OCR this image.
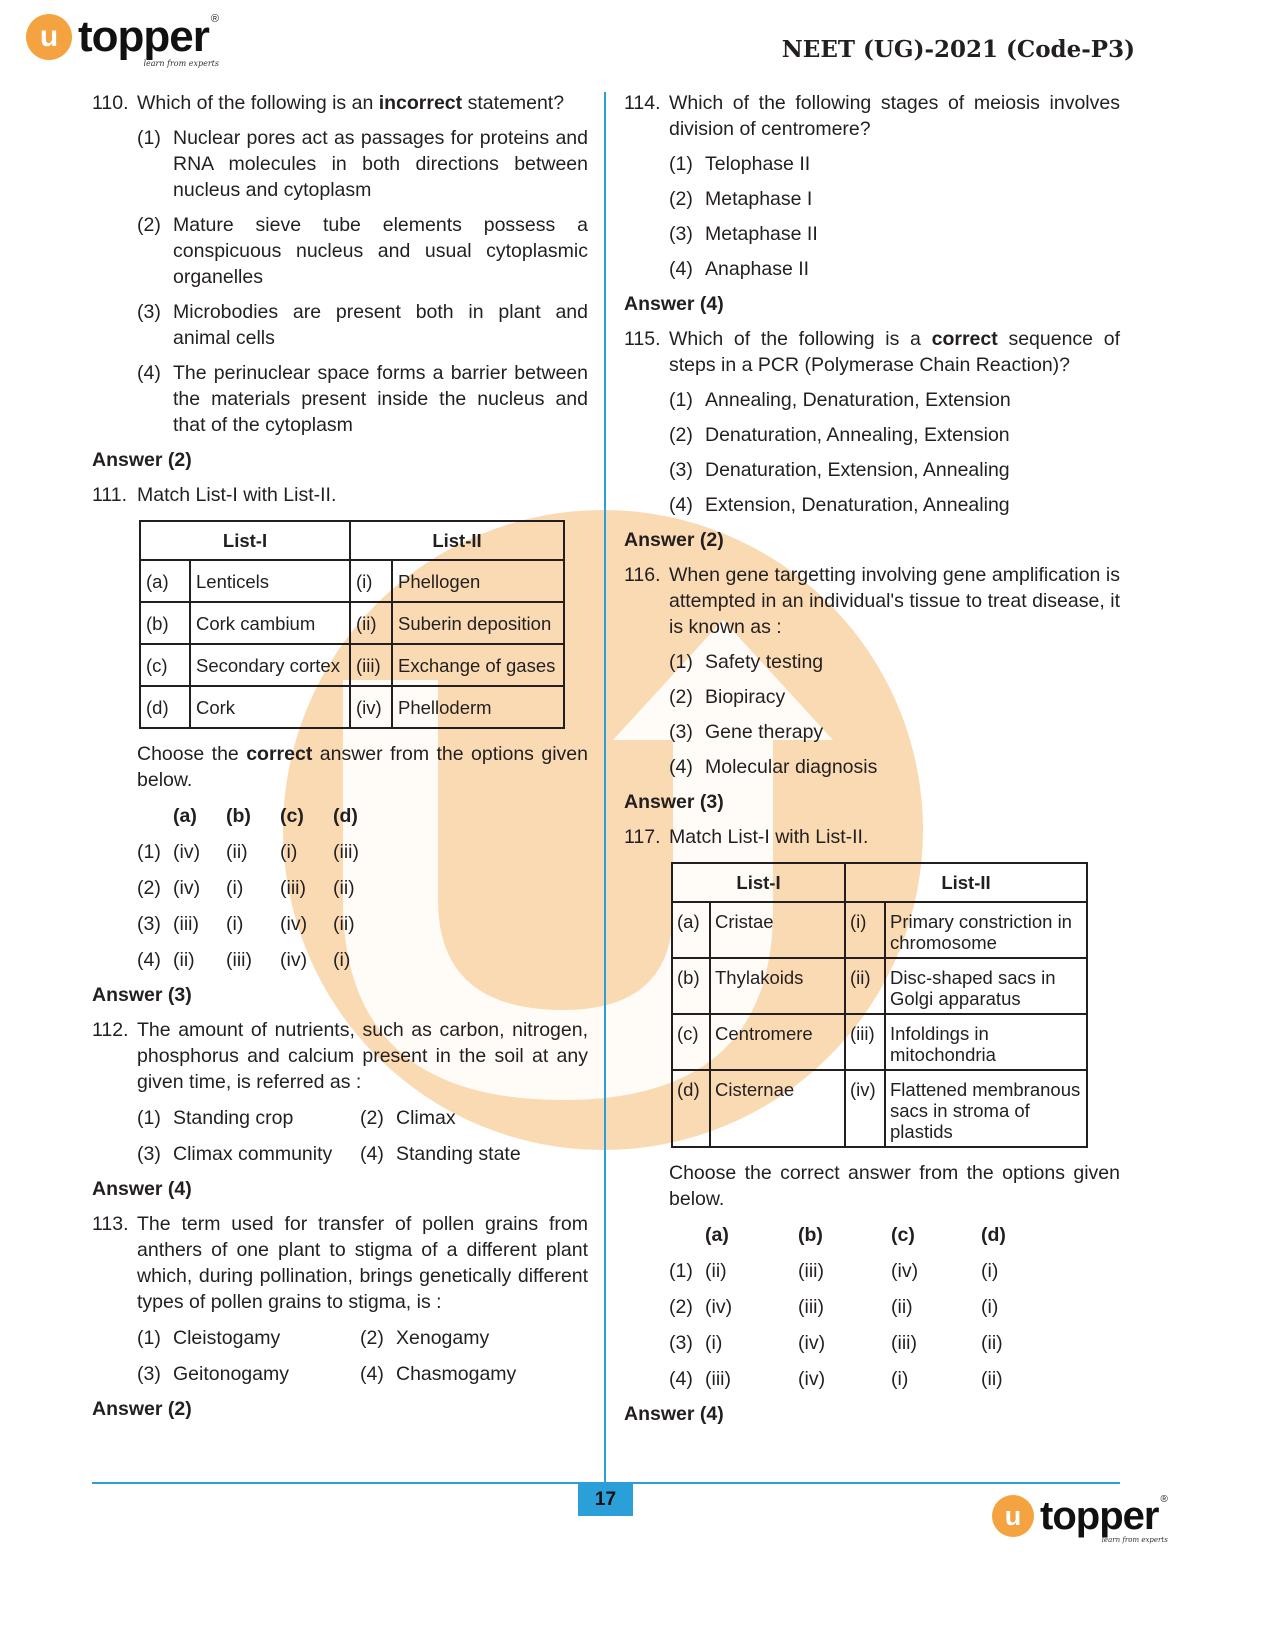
u topper ®
learn from experts
NEET (UG)-2021 (Code-P3)
110. Which of the following is an incorrect statement?
(1) Nuclear pores act as passages for proteins and RNA molecules in both directions between nucleus and cytoplasm
(2) Mature sieve tube elements possess a conspicuous nucleus and usual cytoplasmic organelles
(3) Microbodies are present both in plant and animal cells
(4) The perinuclear space forms a barrier between the materials present inside the nucleus and that of the cytoplasm
Answer (2)
111. Match List-I with List-II.
List-I		List-II	
(a)	Lenticels	(i)	Phellogen
(b)	Cork cambium	(ii)	Suberin deposition
(c)	Secondary cortex	(iii)	Exchange of gases
(d)	Cork	(iv)	Phelloderm
Choose the correct answer from the options given below.
(a)	(b)	(c)	(d)
(1) (iv)	(ii)	(i)	(iii)
(2) (iv)	(i)	(iii)	(ii)
(3) (iii)	(i)	(iv)	(ii)
(4) (ii)	(iii)	(iv)	(i)
Answer (3)
112. The amount of nutrients, such as carbon, nitrogen, phosphorus and calcium present in the soil at any given time, is referred as :
(1) Standing crop	(2) Climax
(3) Climax community (4) Standing state
Answer (4)
113. The term used for transfer of pollen grains from anthers of one plant to stigma of a different plant which, during pollination, brings genetically different types of pollen grains to stigma, is :
(1) Cleistogamy	(2) Xenogamy
(3) Geitonogamy	(4) Chasmogamy
Answer (2)
114. Which of the following stages of meiosis involves division of centromere?
(1) Telophase II
(2) Metaphase I
(3) Metaphase II
(4) Anaphase II
Answer (4)
115. Which of the following is a correct sequence of steps in a PCR (Polymerase Chain Reaction)?
(1) Annealing, Denaturation, Extension
(2) Denaturation, Annealing, Extension
(3) Denaturation, Extension, Annealing
(4) Extension, Denaturation, Annealing
Answer (2)
116. When gene targetting involving gene amplification is attempted in an individual's tissue to treat disease, it is known as :
(1) Safety testing
(2) Biopiracy
(3) Gene therapy
(4) Molecular diagnosis
Answer (3)
117. Match List-I with List-II.
List-I		List-II	
(a)	Cristae	(i)	Primary constriction in chromosome
(b)	Thylakoids	(ii)	Disc-shaped sacs in Golgi apparatus
(c)	Centromere	(iii)	Infoldings in mitochondria
(d)	Cisternae	(iv)	Flattened membranous sacs in stroma of plastids
Choose the correct answer from the options given below.
(a)	(b)	(c)	(d)
(1) (ii)	(iii)	(iv)	(i)
(2) (iv)	(iii)	(ii)	(i)
(3) (i)	(iv)	(iii)	(ii)
(4) (iii)	(iv)	(i)	(ii)
Answer (4)
17
u topper ®
learn from experts
